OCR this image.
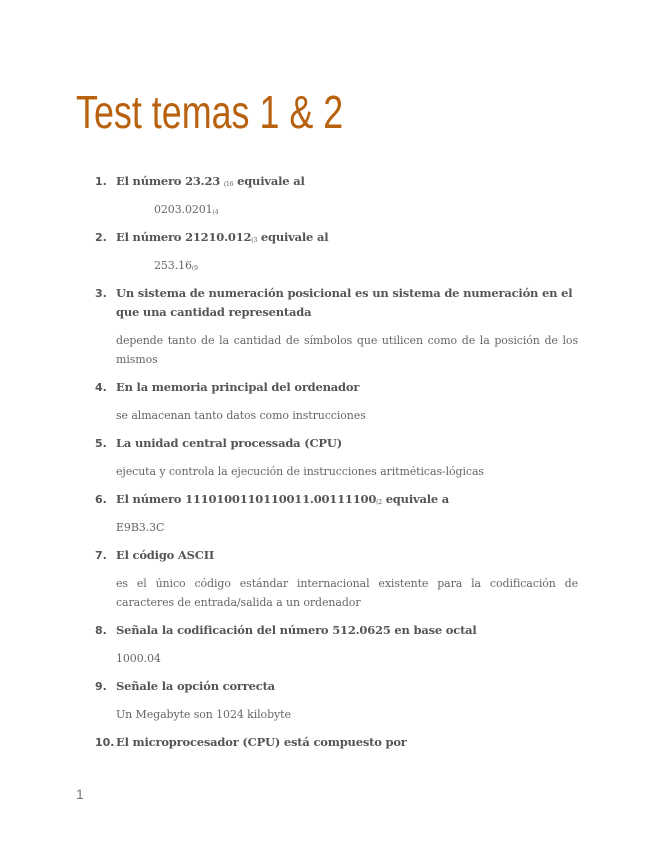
Test temas 1 & 2
1. El número 23.23 $_{(16}$ equivale al
$0203.0201_{(4}$
2. El número $21210.012_{(3}$ equivale al
$253.16_{(9}$
3. Un sistema de numeración posicional es un sistema de numeración en el que una cantidad representada
depende tanto de la cantidad de símbolos que utilicen como de la posición de los mismos
4. En la memoria principal del ordenador
se almacenan tanto datos como instrucciones
5. La unidad central processada (CPU)
ejecuta y controla la ejecución de instrucciones aritméticas-lógicas
6. El número $1110100110110011.00111100_{(2}$ equivale a
E9B3.3C
7. El código ASCII
es el único código estándar internacional existente para la codificación de caracteres de entrada/salida a un ordenador
8. Señala la codificación del número 512.0625 en base octal
1000.04
9. Señale la opción correcta
Un Megabyte son 1024 kilobyte
10. El microprocesador (CPU) está compuesto por
1
